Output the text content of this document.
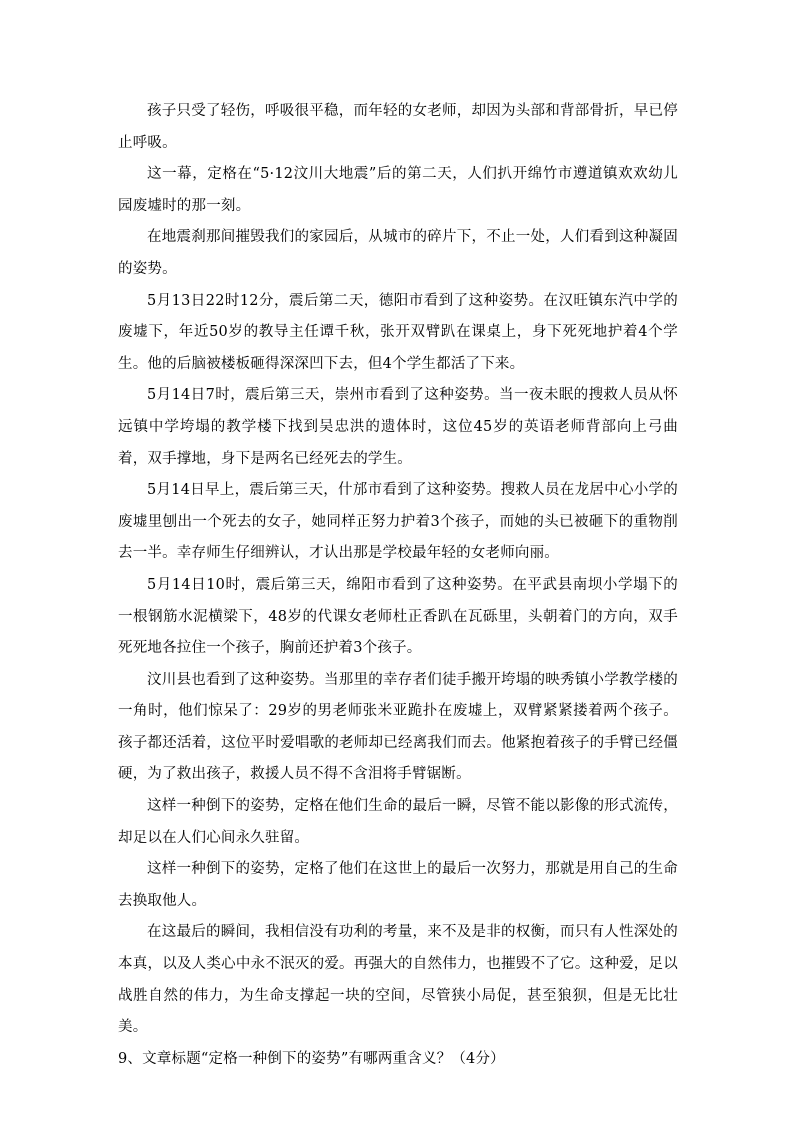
孩子只受了轻伤，呼吸很平稳，而年轻的女老师，却因为头部和背部骨折，早已停止呼吸。

这一幕，定格在“5·12汶川大地震”后的第二天，人们扒开绵竹市遵道镇欢欢幼儿园废墟时的那一刻。

在地震刹那间摧毁我们的家园后，从城市的碎片下，不止一处，人们看到这种凝固的姿势。

5月13日22时12分，震后第二天，德阳市看到了这种姿势。在汉旺镇东汽中学的废墟下，年近50岁的教导主任谭千秋，张开双臂趴在课桌上，身下死死地护着4个学生。他的后脑被楼板砸得深深凹下去，但4个学生都活了下来。

5月14日7时，震后第三天，崇州市看到了这种姿势。当一夜未眠的搜救人员从怀远镇中学垮塌的教学楼下找到吴忠洪的遗体时，这位45岁的英语老师背部向上弓曲着，双手撑地，身下是两名已经死去的学生。

5月14日早上，震后第三天，什邡市看到了这种姿势。搜救人员在龙居中心小学的废墟里刨出一个死去的女子，她同样正努力护着3个孩子，而她的头已被砸下的重物削去一半。幸存师生仔细辨认，才认出那是学校最年轻的女老师向丽。

5月14日10时，震后第三天，绵阳市看到了这种姿势。在平武县南坝小学塌下的一根钢筋水泥横梁下，48岁的代课女老师杜正香趴在瓦砾里，头朝着门的方向，双手死死地各拉住一个孩子，胸前还护着3个孩子。

汶川县也看到了这种姿势。当那里的幸存者们徒手搬开垮塌的映秀镇小学教学楼的一角时，他们惊呆了：29岁的男老师张米亚跪扑在废墟上，双臂紧紧搂着两个孩子。孩子都还活着，这位平时爱唱歌的老师却已经离我们而去。他紧抱着孩子的手臂已经僵硬，为了救出孩子，救援人员不得不含泪将手臂锯断。

这样一种倒下的姿势，定格在他们生命的最后一瞬，尽管不能以影像的形式流传，却足以在人们心间永久驻留。

这样一种倒下的姿势，定格了他们在这世上的最后一次努力，那就是用自己的生命去换取他人。

在这最后的瞬间，我相信没有功利的考量，来不及是非的权衡，而只有人性深处的本真，以及人类心中永不泯灭的爱。再强大的自然伟力，也摧毁不了它。这种爱，足以战胜自然的伟力，为生命支撑起一块的空间，尽管狭小局促，甚至狼狈，但是无比壮美。

9、文章标题“定格一种倒下的姿势”有哪两重含义？（4分）
